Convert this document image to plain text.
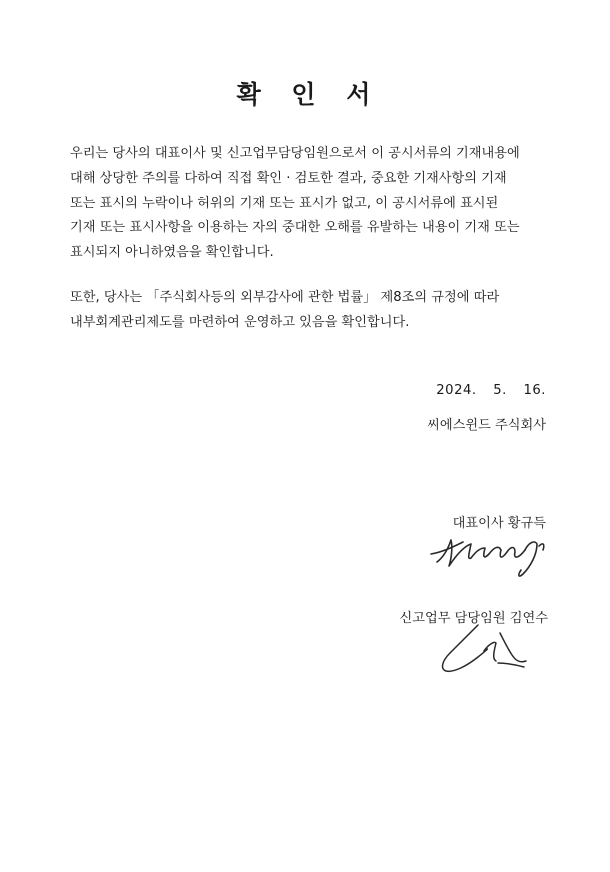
확 인 서
우리는 당사의 대표이사 및 신고업무담당임원으로서 이 공시서류의 기재내용에
대해 상당한 주의를 다하여 직접 확인 · 검토한 결과, 중요한 기재사항의 기재
또는 표시의 누락이나 허위의 기재 또는 표시가 없고, 이 공시서류에 표시된
기재 또는 표시사항을 이용하는 자의 중대한 오해를 유발하는 내용이 기재 또는
표시되지 아니하였음을 확인합니다.
또한, 당사는 「주식회사등의 외부감사에 관한 법률」 제8조의 규정에 따라
내부회계관리제도를 마련하여 운영하고 있음을 확인합니다.
2024. 5. 16.
씨에스윈드 주식회사
대표이사 황규득
신고업무 담당임원 김연수
